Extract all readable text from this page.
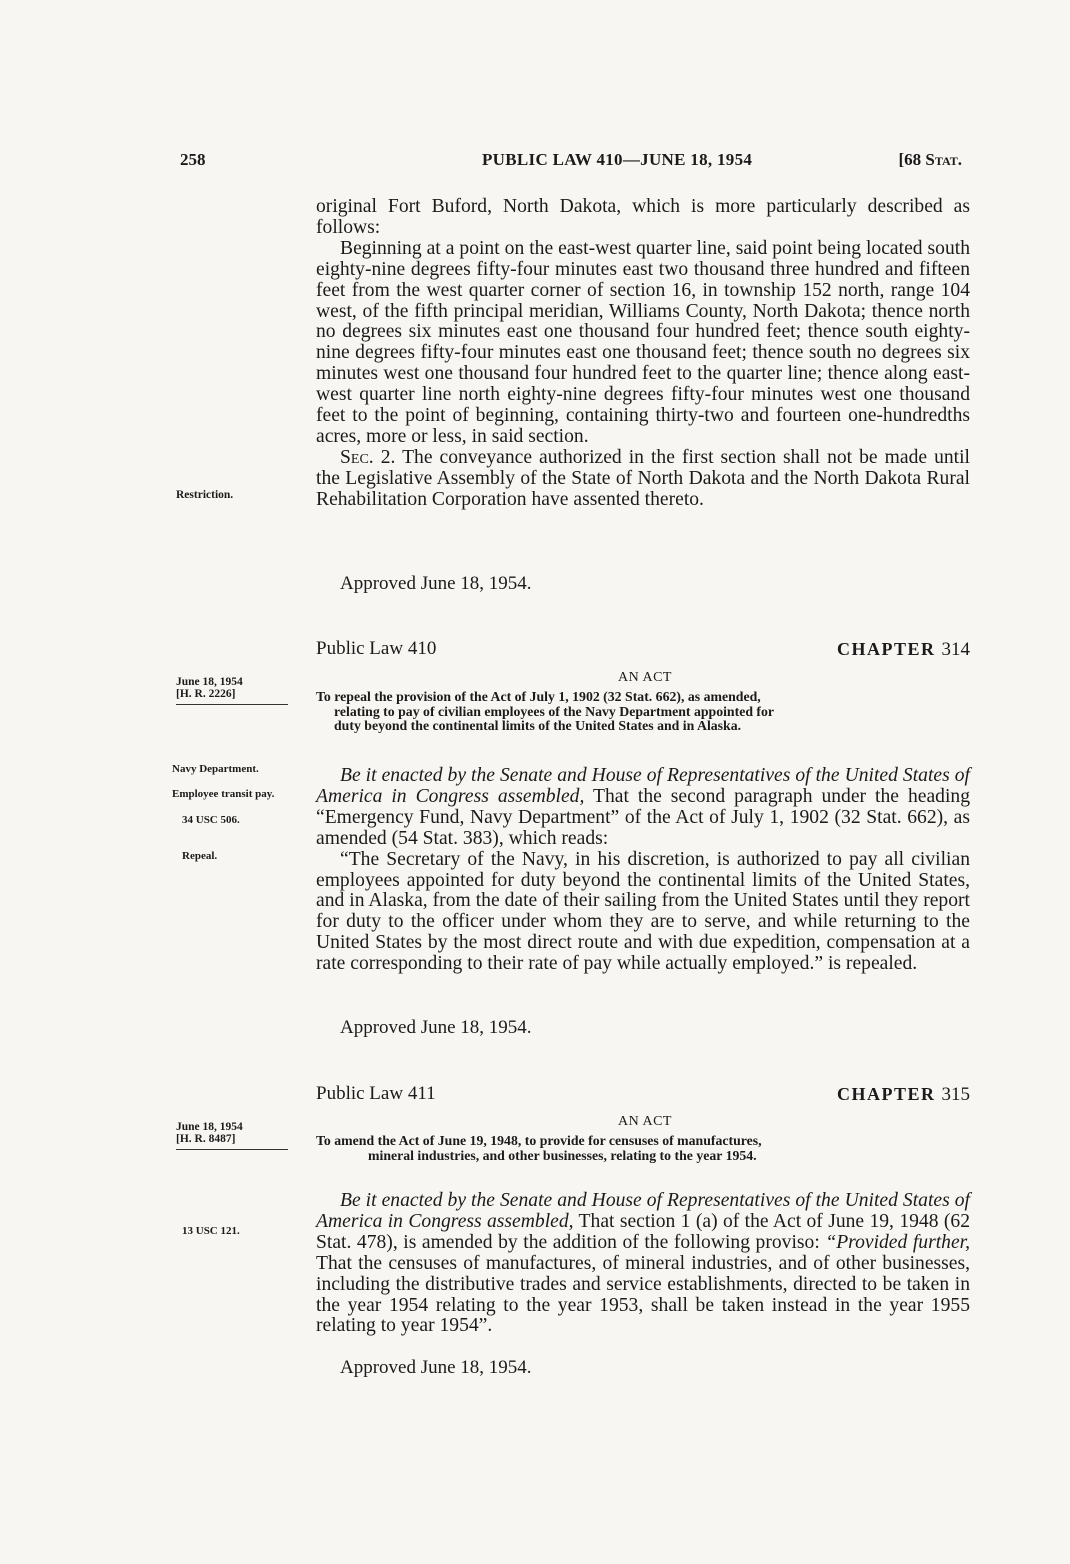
258	PUBLIC LAW 410—JUNE 18, 1954	[68 Stat.

original Fort Buford, North Dakota, which is more particularly described as follows:

Beginning at a point on the east-west quarter line, said point being located south eighty-nine degrees fifty-four minutes east two thousand three hundred and fifteen feet from the west quarter corner of section 16, in township 152 north, range 104 west, of the fifth principal meridian, Williams County, North Dakota; thence north no degrees six minutes east one thousand four hundred feet; thence south eighty-nine degrees fifty-four minutes east one thousand feet; thence south no degrees six minutes west one thousand four hundred feet to the quarter line; thence along east-west quarter line north eighty-nine degrees fifty-four minutes west one thousand feet to the point of beginning, containing thirty-two and fourteen one-hundredths acres, more or less, in said section.

Sec. 2. The conveyance authorized in the first section shall not be made until the Legislative Assembly of the State of North Dakota and the North Dakota Rural Rehabilitation Corporation have assented thereto.

Restriction.
Approved June 18, 1954.
Public Law 410	CHAPTER 314
June 18, 1954
[H. R. 2226]
AN ACT
To repeal the provision of the Act of July 1, 1902 (32 Stat. 662), as amended,
relating to pay of civilian employees of the Navy Department appointed for
duty beyond the continental limits of the United States and in Alaska.
Navy Department.
Employee transit pay.
34 USC 506.
Repeal.

Be it enacted by the Senate and House of Representatives of the United States of America in Congress assembled, That the second paragraph under the heading “Emergency Fund, Navy Department” of the Act of July 1, 1902 (32 Stat. 662), as amended (54 Stat. 383), which reads:

“The Secretary of the Navy, in his discretion, is authorized to pay all civilian employees appointed for duty beyond the continental limits of the United States, and in Alaska, from the date of their sailing from the United States until they report for duty to the officer under whom they are to serve, and while returning to the United States by the most direct route and with due expedition, compensation at a rate corresponding to their rate of pay while actually employed.” is repealed.

Approved June 18, 1954.
Public Law 411	CHAPTER 315
June 18, 1954
[H. R. 8487]
AN ACT
To amend the Act of June 19, 1948, to provide for censuses of manufactures,
mineral industries, and other businesses, relating to the year 1954.
13 USC 121.

Be it enacted by the Senate and House of Representatives of the United States of America in Congress assembled, That section 1 (a) of the Act of June 19, 1948 (62 Stat. 478), is amended by the addition of the following proviso: “Provided further, That the censuses of manufactures, of mineral industries, and of other businesses, including the distributive trades and service establishments, directed to be taken in the year 1954 relating to the year 1953, shall be taken instead in the year 1955 relating to year 1954”.

Approved June 18, 1954.
